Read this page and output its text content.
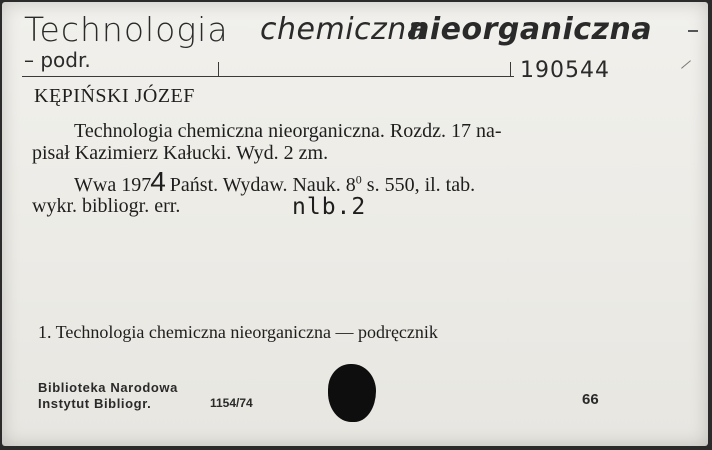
Technologia chemiczna
nieorganiczna
– podr.	190544
KĘPIŃSKI JÓZEF
Technologia chemiczna nieorganiczna. Rozdz. 17 na-
pisał Kazimierz Kałucki. Wyd. 2 zm.
Wwa 1974 Państ. Wydaw. Nauk. $8^0$ s. 550, il. tab.
wykr. bibliogr. err.	nlb.2
1. Technologia chemiczna nieorganiczna — podręcznik
Biblioteka Narodowa
Instytut Bibliogr.	1154/74	66
